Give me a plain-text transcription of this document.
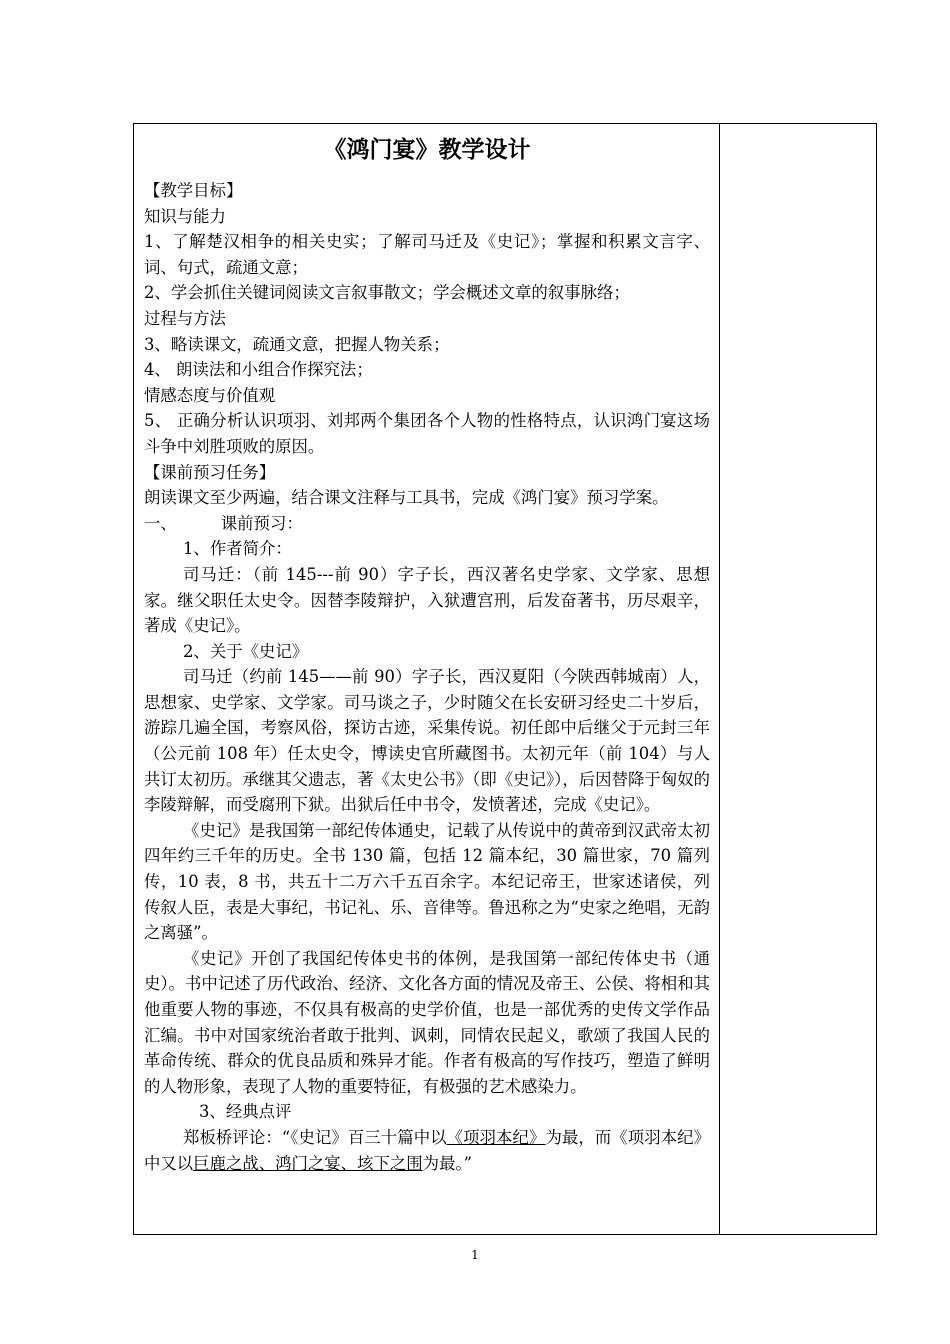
《鸿门宴》教学设计

【教学目标】

知识与能力

1、了解楚汉相争的相关史实；了解司马迁及《史记》；掌握和积累文言字、词、句式，疏通文意；

2、学会抓住关键词阅读文言叙事散文；学会概述文章的叙事脉络；

过程与方法

3、略读课文，疏通文意，把握人物关系；

4、 朗读法和小组合作探究法；

情感态度与价值观

5、 正确分析认识项羽、刘邦两个集团各个人物的性格特点，认识鸿门宴这场斗争中刘胜项败的原因。

【课前预习任务】

朗读课文至少两遍，结合课文注释与工具书，完成《鸿门宴》预习学案。

一、	课前预习：

1、作者简介：

司马迁：（前 145---前 90）字子长，西汉著名史学家、文学家、思想家。继父职任太史令。因替李陵辩护，入狱遭宫刑，后发奋著书，历尽艰辛，著成《史记》。

2、关于《史记》

司马迁（约前 145——前 90）字子长，西汉夏阳（今陕西韩城南）人，思想家、史学家、文学家。司马谈之子，少时随父在长安研习经史二十岁后，游踪几遍全国，考察风俗，探访古迹，采集传说。初任郎中后继父于元封三年（公元前 108 年）任太史令，博读史官所藏图书。太初元年（前 104）与人共订太初历。承继其父遗志，著《太史公书》（即《史记》），后因替降于匈奴的李陵辩解，而受腐刑下狱。出狱后任中书令，发愤著述，完成《史记》。

《史记》是我国第一部纪传体通史，记载了从传说中的黄帝到汉武帝太初四年约三千年的历史。全书 130 篇，包括 12 篇本纪，30 篇世家，70 篇列传，10 表，8 书，共五十二万六千五百余字。本纪记帝王，世家述诸侯，列传叙人臣，表是大事纪，书记礼、乐、音律等。鲁迅称之为“史家之绝唱，无韵之离骚”。

《史记》开创了我国纪传体史书的体例，是我国第一部纪传体史书（通史）。书中记述了历代政治、经济、文化各方面的情况及帝王、公侯、将相和其他重要人物的事迹，不仅具有极高的史学价值，也是一部优秀的史传文学作品汇编。书中对国家统治者敢于批判、讽刺，同情农民起义，歌颂了我国人民的革命传统、群众的优良品质和殊异才能。作者有极高的写作技巧，塑造了鲜明的人物形象，表现了人物的重要特征，有极强的艺术感染力。

3、经典点评

郑板桥评论：“《史记》百三十篇中以《项羽本纪》为最，而《项羽本纪》中又以巨鹿之战、鸿门之宴、垓下之围为最。”

1
